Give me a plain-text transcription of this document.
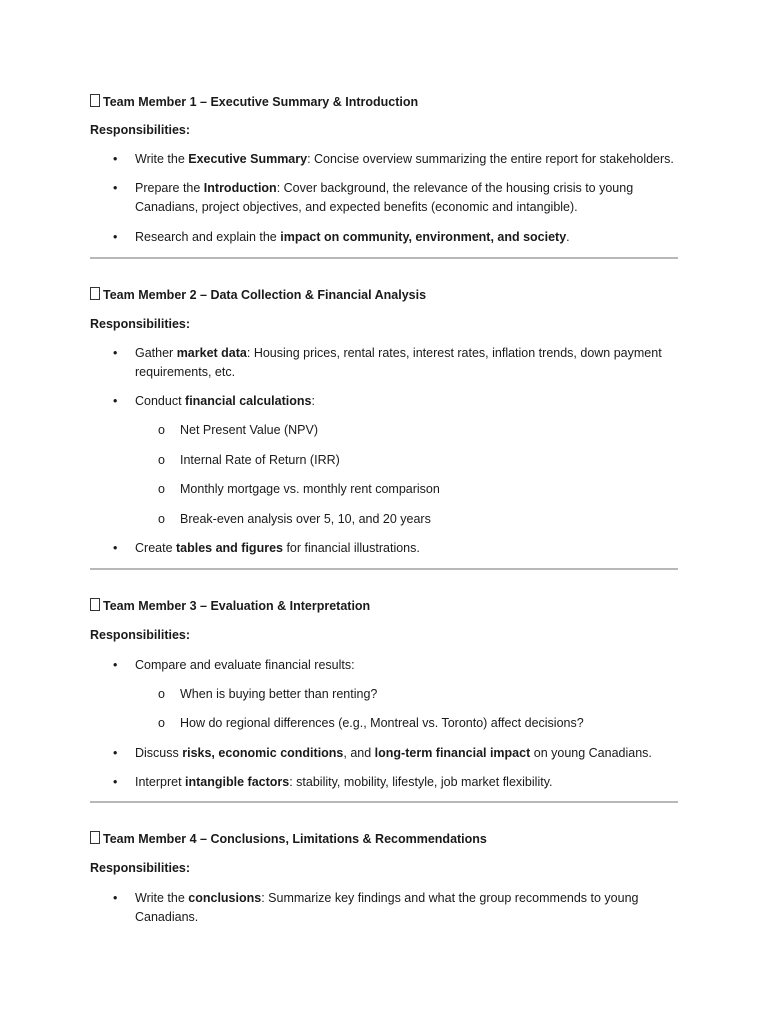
Team Member 1 – Executive Summary & Introduction
Responsibilities:
• Write the Executive Summary: Concise overview summarizing the entire report for stakeholders.
• Prepare the Introduction: Cover background, the relevance of the housing crisis to young Canadians, project objectives, and expected benefits (economic and intangible).
• Research and explain the impact on community, environment, and society.
Team Member 2 – Data Collection & Financial Analysis
Responsibilities:
• Gather market data: Housing prices, rental rates, interest rates, inflation trends, down payment requirements, etc.
• Conduct financial calculations:
o Net Present Value (NPV)
o Internal Rate of Return (IRR)
o Monthly mortgage vs. monthly rent comparison
o Break-even analysis over 5, 10, and 20 years
• Create tables and figures for financial illustrations.
Team Member 3 – Evaluation & Interpretation
Responsibilities:
• Compare and evaluate financial results:
o When is buying better than renting?
o How do regional differences (e.g., Montreal vs. Toronto) affect decisions?
• Discuss risks, economic conditions, and long-term financial impact on young Canadians.
• Interpret intangible factors: stability, mobility, lifestyle, job market flexibility.
Team Member 4 – Conclusions, Limitations & Recommendations
Responsibilities:
• Write the conclusions: Summarize key findings and what the group recommends to young Canadians.
